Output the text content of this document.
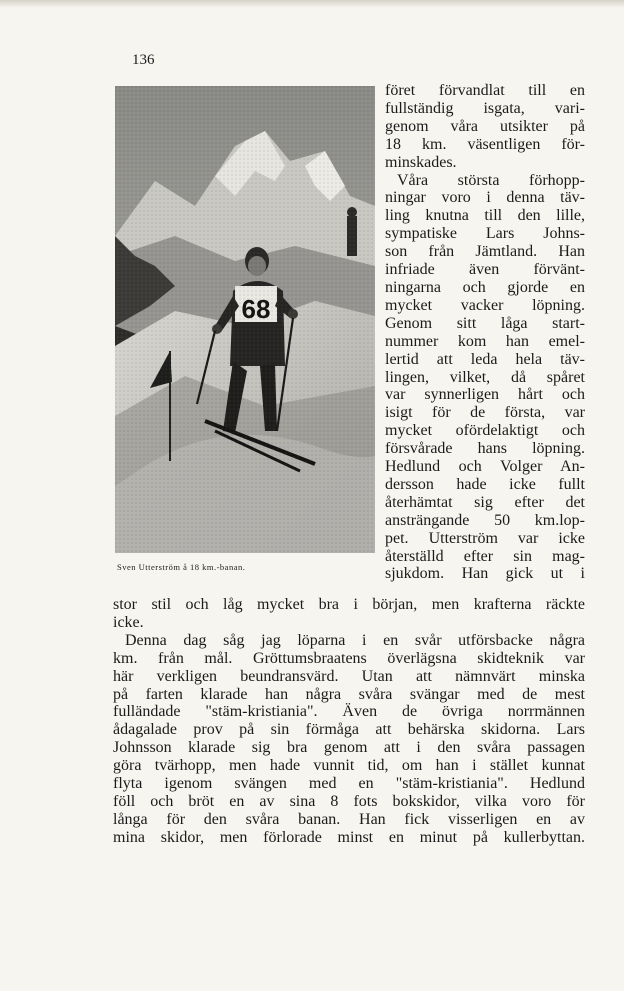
136
Sven Utterström å 18 km.-banan.
föret förvandlat till en
fullständig isgata, vari-
genom våra utsikter på
18 km. väsentligen för-
minskades.
Våra största förhopp-
ningar voro i denna täv-
ling knutna till den lille,
sympatiske Lars Johns-
son från Jämtland. Han
infriade även förvänt-
ningarna och gjorde en
mycket vacker löpning.
Genom sitt låga start-
nummer kom han emel-
lertid att leda hela täv-
lingen, vilket, då spåret
var synnerligen hårt och
isigt för de första, var
mycket ofördelaktigt och
försvårade hans löpning.
Hedlund och Volger An-
dersson hade icke fullt
återhämtat sig efter det
ansträngande 50 km.lop-
pet. Utterström var icke
återställd efter sin mag-
sjukdom. Han gick ut i
stor stil och låg mycket bra i början, men krafterna räckte
icke.
Denna dag såg jag löparna i en svår utförsbacke några
km. från mål. Gröttumsbraatens överlägsna skidteknik var
här verkligen beundransvärd. Utan att nämnvärt minska
på farten klarade han några svåra svängar med de mest
fulländade "stäm-kristiania". Även de övriga norrmännen
ådagalade prov på sin förmåga att behärska skidorna. Lars
Johnsson klarade sig bra genom att i den svåra passagen
göra tvärhopp, men hade vunnit tid, om han i stället kunnat
flyta igenom svängen med en "stäm-kristiania". Hedlund
föll och bröt en av sina 8 fots bokskidor, vilka voro för
långa för den svåra banan. Han fick visserligen en av
mina skidor, men förlorade minst en minut på kullerbyttan.
